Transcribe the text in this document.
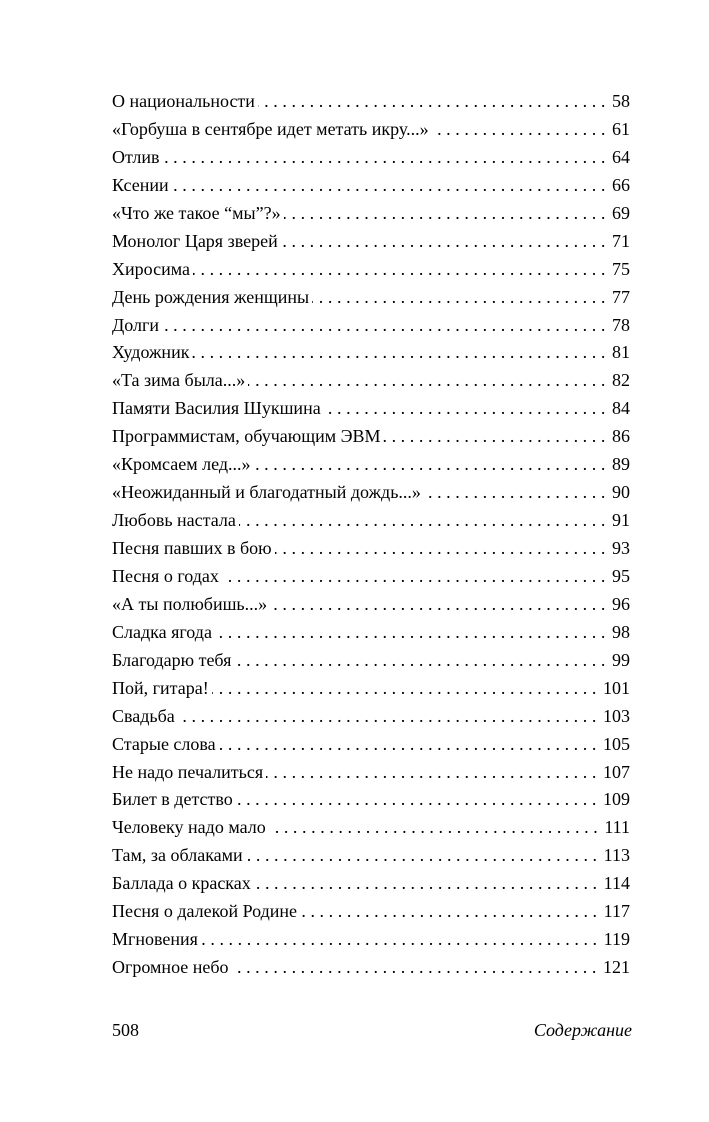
О национальности .....	58
«Горбуша в сентябре идет метать икру...» .....	61
Отлив .....	64
Ксении .....	66
«Что же такое “мы”?» .....	69
Монолог Царя зверей .....	71
Хиросима .....	75
День рождения женщины .....	77
Долги .....	78
Художник .....	81
«Та зима была...» .....	82
Памяти Василия Шукшина .....	84
Программистам, обучающим ЭВМ .....	86
«Кромсаем лед...» .....	89
«Неожиданный и благодатный дождь...» .....	90
Любовь настала .....	91
Песня павших в бою .....	93
Песня о годах .....	95
«А ты полюбишь...» .....	96
Сладка ягода .....	98
Благодарю тебя .....	99
Пой, гитара! .....	101
Свадьба .....	103
Старые слова .....	105
Не надо печалиться .....	107
Билет в детство .....	109
Человеку надо мало .....	111
Там, за облаками .....	113
Баллада о красках .....	114
Песня о далекой Родине .....	117
Мгновения .....	119
Огромное небо .....	121
508	Содержание
